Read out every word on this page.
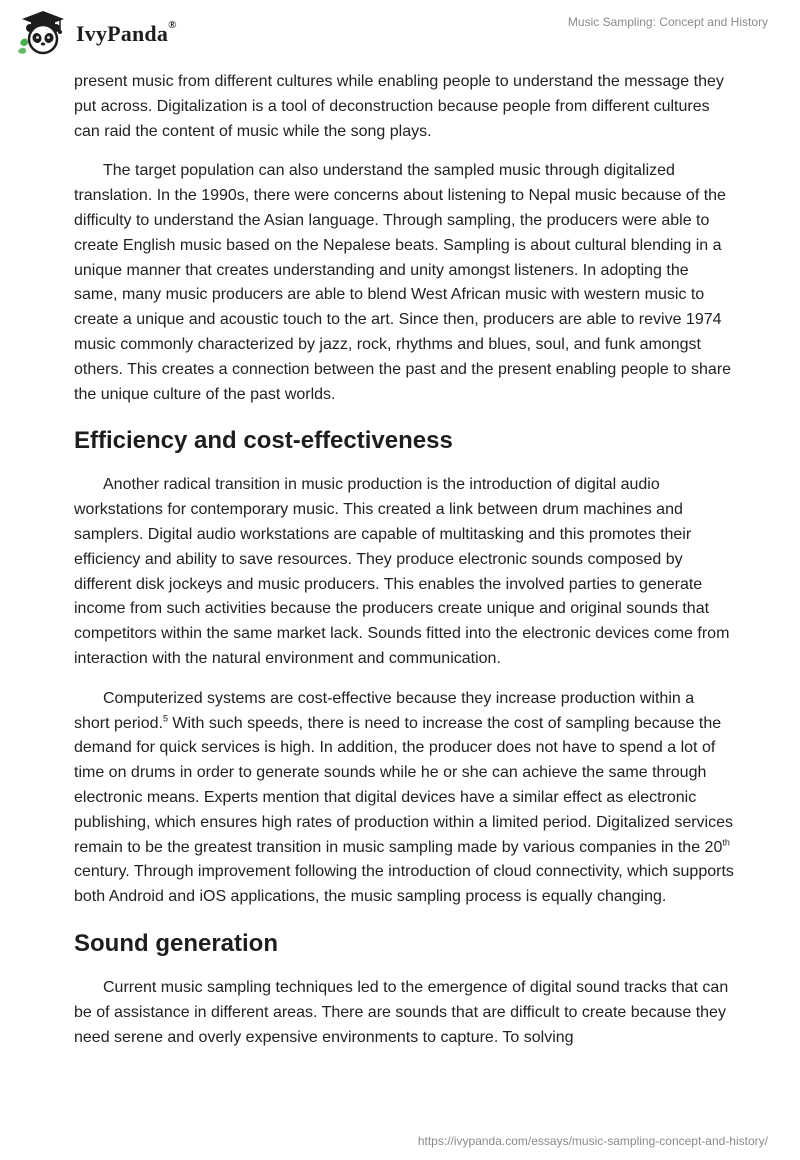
IvyPanda®	Music Sampling: Concept and History

present music from different cultures while enabling people to understand the message they put across. Digitalization is a tool of deconstruction because people from different cultures can raid the content of music while the song plays.

The target population can also understand the sampled music through digitalized translation. In the 1990s, there were concerns about listening to Nepal music because of the difficulty to understand the Asian language. Through sampling, the producers were able to create English music based on the Nepalese beats. Sampling is about cultural blending in a unique manner that creates understanding and unity amongst listeners. In adopting the same, many music producers are able to blend West African music with western music to create a unique and acoustic touch to the art. Since then, producers are able to revive 1974 music commonly characterized by jazz, rock, rhythms and blues, soul, and funk amongst others. This creates a connection between the past and the present enabling people to share the unique culture of the past worlds.

Efficiency and cost-effectiveness

Another radical transition in music production is the introduction of digital audio workstations for contemporary music. This created a link between drum machines and samplers. Digital audio workstations are capable of multitasking and this promotes their efficiency and ability to save resources. They produce electronic sounds composed by different disk jockeys and music producers. This enables the involved parties to generate income from such activities because the producers create unique and original sounds that competitors within the same market lack. Sounds fitted into the electronic devices come from interaction with the natural environment and communication.

Computerized systems are cost-effective because they increase production within a short period.$^5$ With such speeds, there is need to increase the cost of sampling because the demand for quick services is high. In addition, the producer does not have to spend a lot of time on drums in order to generate sounds while he or she can achieve the same through electronic means. Experts mention that digital devices have a similar effect as electronic publishing, which ensures high rates of production within a limited period. Digitalized services remain to be the greatest transition in music sampling made by various companies in the 20th century. Through improvement following the introduction of cloud connectivity, which supports both Android and iOS applications, the music sampling process is equally changing.

Sound generation

Current music sampling techniques led to the emergence of digital sound tracks that can be of assistance in different areas. There are sounds that are difficult to create because they need serene and overly expensive environments to capture. To solving

https://ivypanda.com/essays/music-sampling-concept-and-history/
